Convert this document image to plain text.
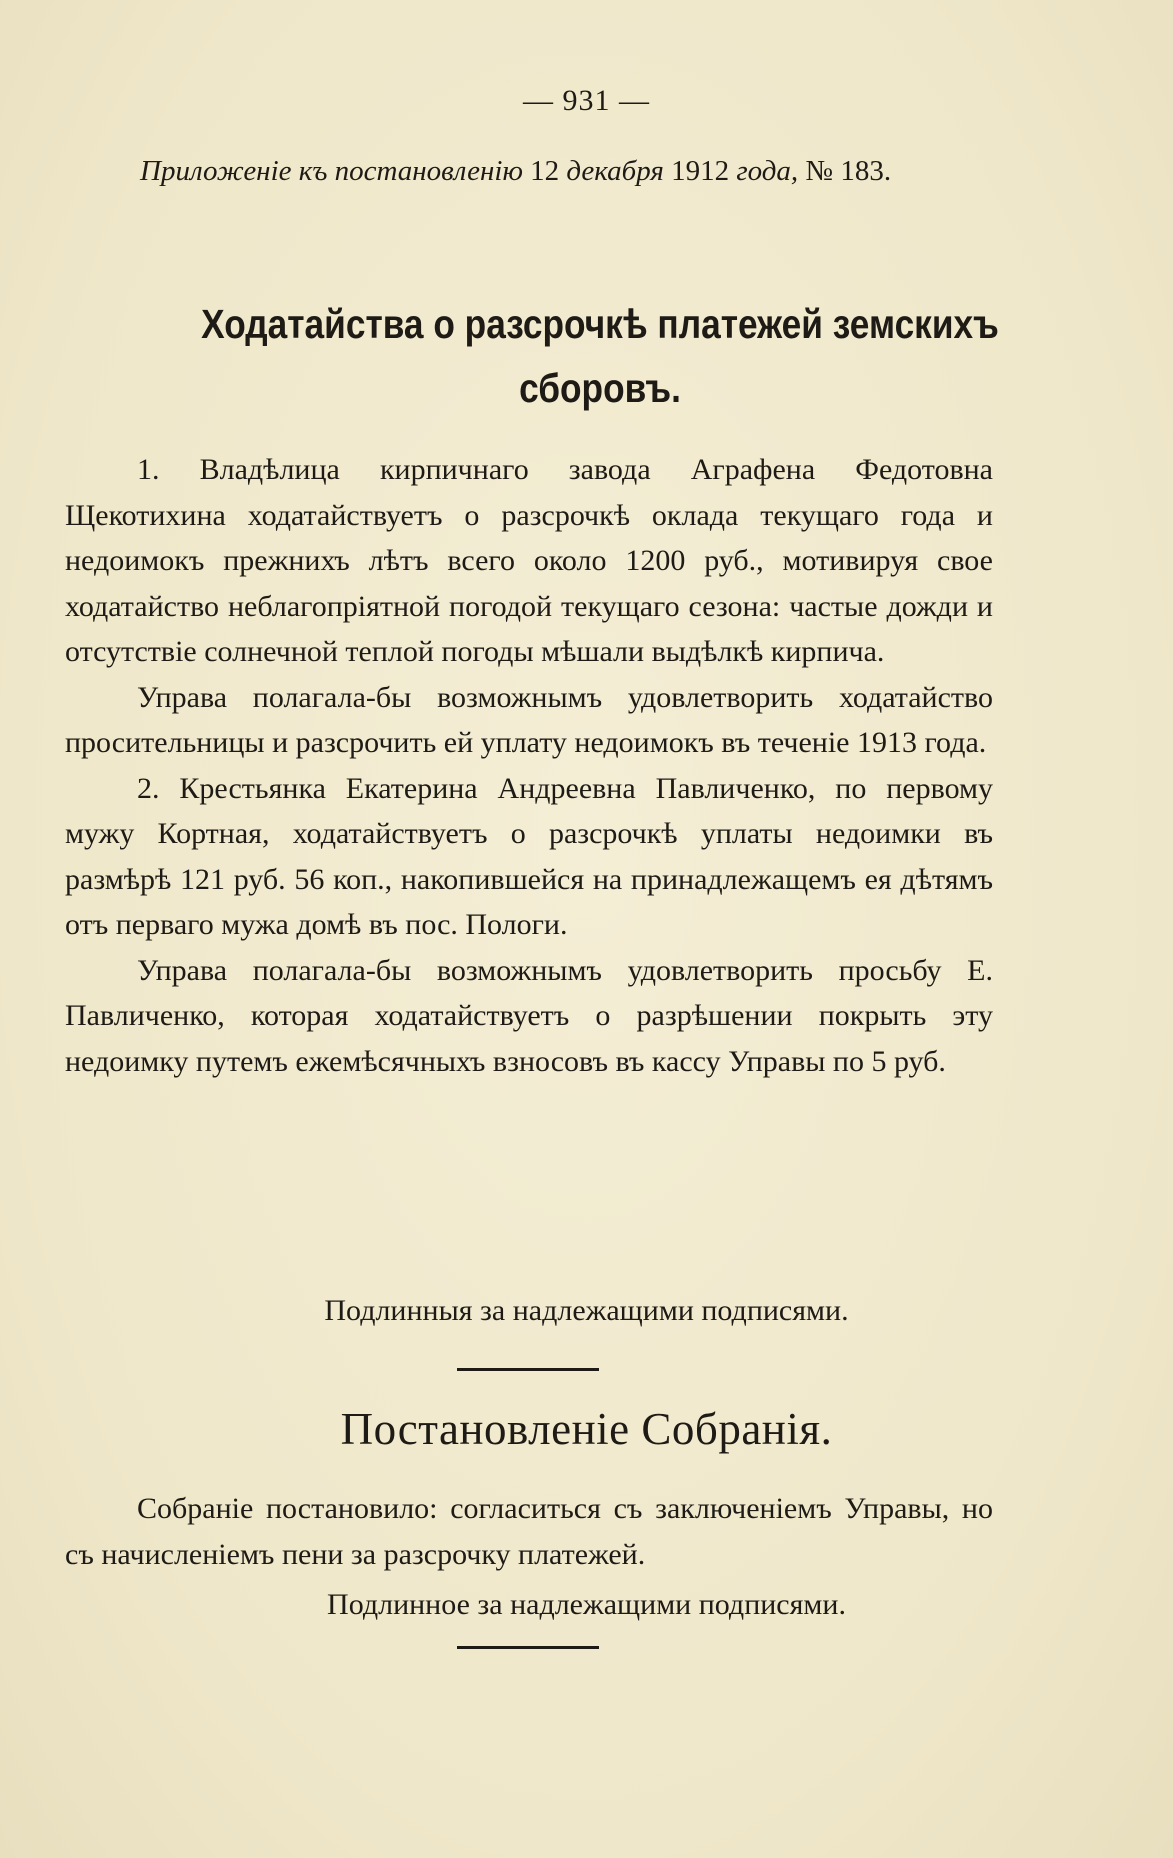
— 931 —
Приложенiе къ постановленiю 12 декабря 1912 года, № 183.
Ходатайства о разсрочкѣ платежей земскихъ сборовъ.

1. Владѣлица кирпичнаго завода Аграфена Федотовна Щекотихина ходатайствуетъ о разсрочкѣ оклада текущаго года и недоимокъ прежнихъ лѣтъ всего около 1200 руб., мотивируя свое ходатайство неблагопрiятной погодой текущаго сезона: частые дожди и отсутствiе солнечной теплой погоды мѣшали выдѣлкѣ кирпича.

Управа полагала-бы возможнымъ удовлетворить ходатайство просительницы и разсрочить ей уплату недоимокъ въ теченiе 1913 года.

2. Крестьянка Екатерина Андреевна Павличенко, по первому мужу Кортная, ходатайствуетъ о разсрочкѣ уплаты недоимки въ размѣрѣ 121 руб. 56 коп., накопившейся на принадлежащемъ ея дѣтямъ отъ перваго мужа домѣ въ пос. Пологи.

Управа полагала-бы возможнымъ удовлетворить просьбу Е. Павличенко, которая ходатайствуетъ о разрѣшении покрыть эту недоимку путемъ ежемѣсячныхъ взносовъ въ кассу Управы по 5 руб.

Подлинныя за надлежащими подписями.
Постановленiе Собранiя.

Собранiе постановило: согласиться съ заключенiемъ Управы, но съ начисленiемъ пени за разсрочку платежей.

Подлинное за надлежащими подписями.
